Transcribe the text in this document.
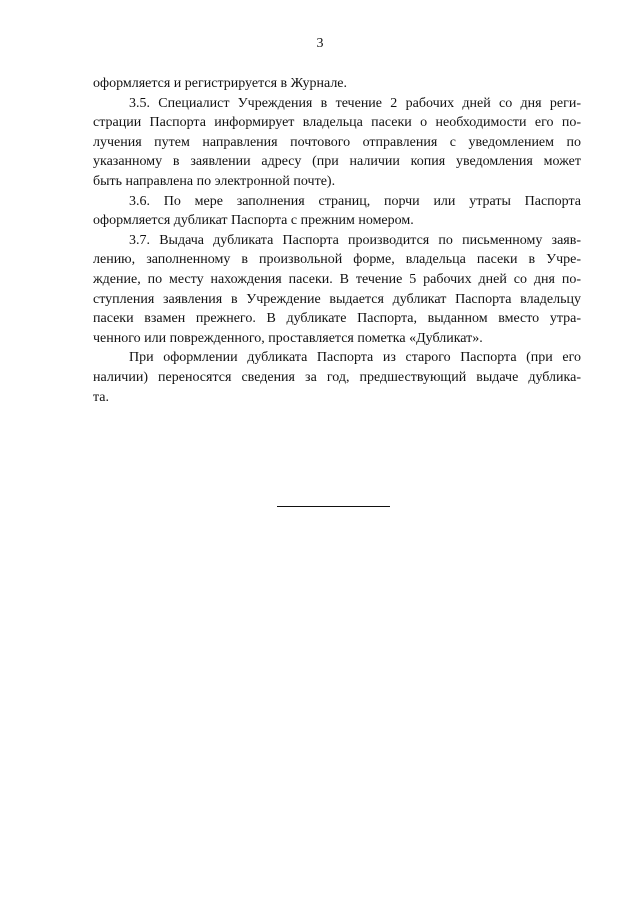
3
оформляется и регистрируется в Журнале.
3.5. Специалист Учреждения в течение 2 рабочих дней со дня реги-
страции Паспорта информирует владельца пасеки о необходимости его по-
лучения путем направления почтового отправления с уведомлением по
указанному в заявлении адресу (при наличии копия уведомления может
быть направлена по электронной почте).
3.6. По мере заполнения страниц, порчи или утраты Паспорта
оформляется дубликат Паспорта с прежним номером.
3.7. Выдача дубликата Паспорта производится по письменному заяв-
лению, заполненному в произвольной форме, владельца пасеки в Учре-
ждение, по месту нахождения пасеки. В течение 5 рабочих дней со дня по-
ступления заявления в Учреждение выдается дубликат Паспорта владельцу
пасеки взамен прежнего. В дубликате Паспорта, выданном вместо утра-
ченного или поврежденного, проставляется пометка «Дубликат».
При оформлении дубликата Паспорта из старого Паспорта (при его
наличии) переносятся сведения за год, предшествующий выдаче дублика-
та.
